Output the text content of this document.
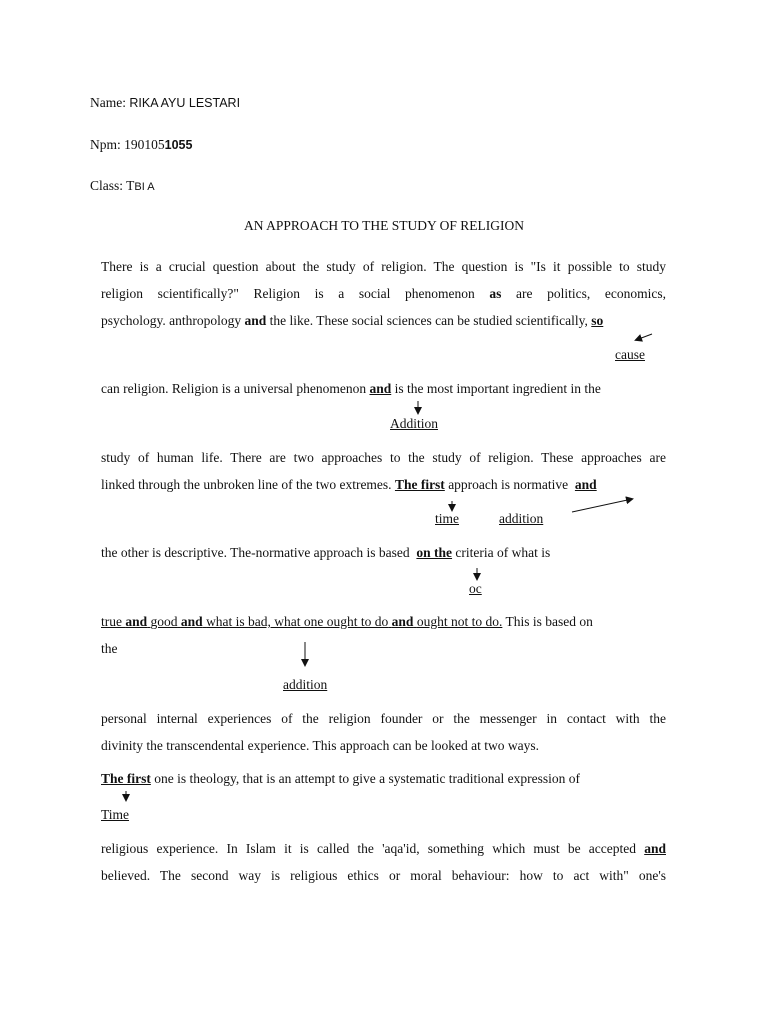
Name: RIKA AYU LESTARI
Npm: 1901051055
Class: TBI A
AN APPROACH TO THE STUDY OF RELIGION
There is a crucial question about the study of religion. The question is "Is it possible to study
religion scientifically?" Religion is a social phenomenon as are politics, economics,
psychology. anthropology and the like. These social sciences can be studied scientifically, so
cause
can religion. Religion is a universal phenomenon and is the most important ingredient in the
Addition
study of human life. There are two approaches to the study of religion. These approaches are
linked through the unbroken line of the two extremes. The first approach is normative and
time	addition
the other is descriptive. The-normative approach is based on the criteria of what is
oc
true and good and what is bad, what one ought to do and ought not to do. This is based on
the
addition
personal internal experiences of the religion founder or the messenger in contact with the
divinity the transcendental experience. This approach can be looked at two ways.
The first one is theology, that is an attempt to give a systematic traditional expression of
Time
religious experience. In Islam it is called the 'aqa'id, something which must be accepted and
believed. The second way is religious ethics or moral behaviour: how to act with" one's
